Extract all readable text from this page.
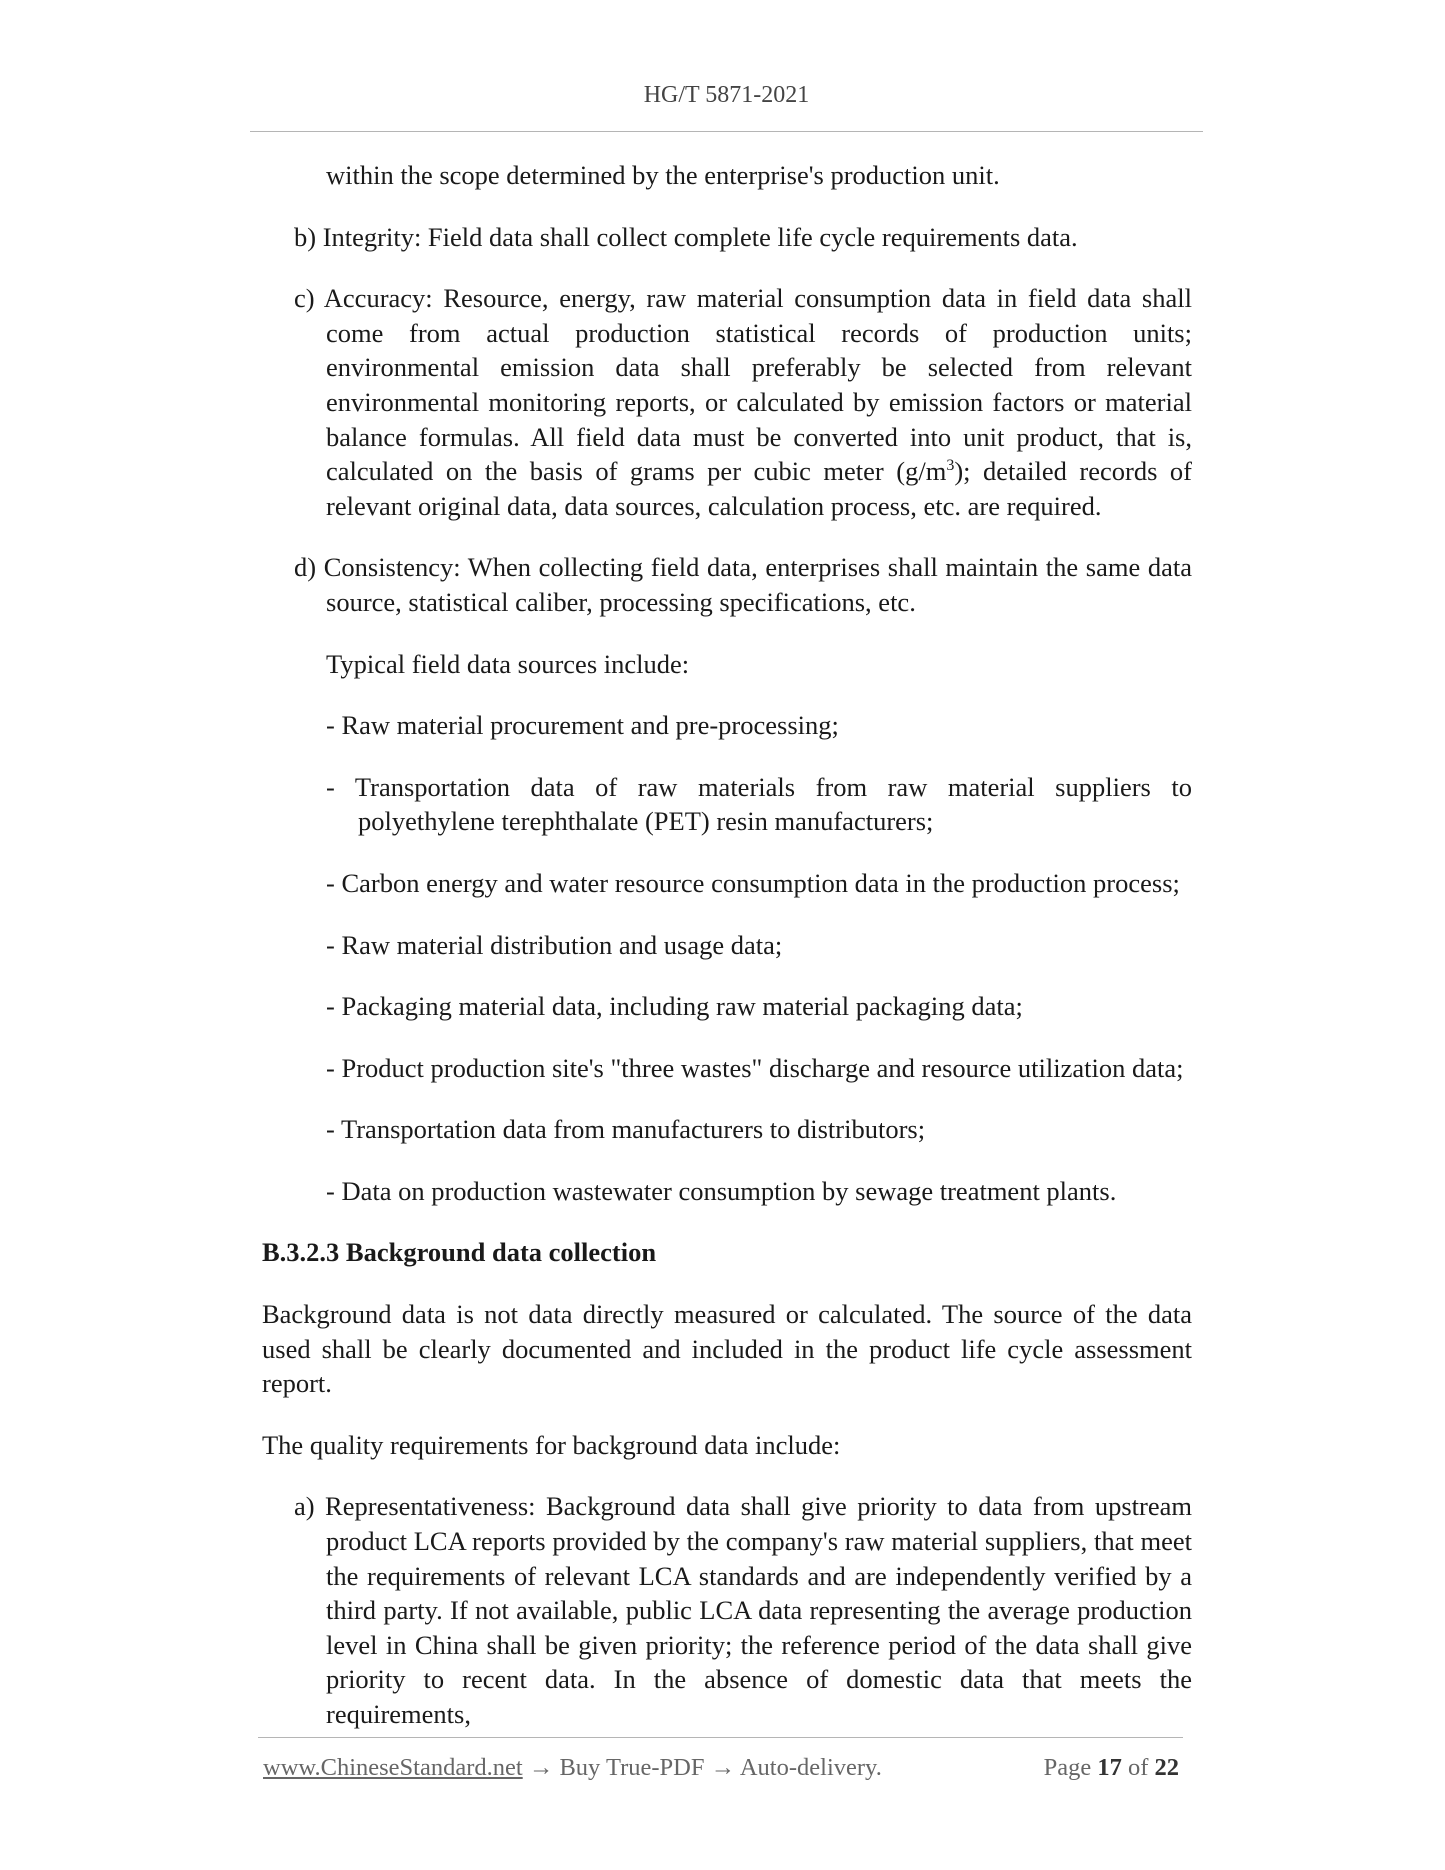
HG/T 5871-2021

within the scope determined by the enterprise's production unit.

b) Integrity: Field data shall collect complete life cycle requirements data.

c) Accuracy: Resource, energy, raw material consumption data in field data shall come from actual production statistical records of production units; environmental emission data shall preferably be selected from relevant environmental monitoring reports, or calculated by emission factors or material balance formulas. All field data must be converted into unit product, that is, calculated on the basis of grams per cubic meter $(g/m^3)$; detailed records of relevant original data, data sources, calculation process, etc. are required.

d) Consistency: When collecting field data, enterprises shall maintain the same data source, statistical caliber, processing specifications, etc.

Typical field data sources include:

- Raw material procurement and pre-processing;

- Transportation data of raw materials from raw material suppliers to polyethylene terephthalate (PET) resin manufacturers;

- Carbon energy and water resource consumption data in the production process;

- Raw material distribution and usage data;

- Packaging material data, including raw material packaging data;

- Product production site's "three wastes" discharge and resource utilization data;

- Transportation data from manufacturers to distributors;

- Data on production wastewater consumption by sewage treatment plants.

B.3.2.3 Background data collection

Background data is not data directly measured or calculated. The source of the data used shall be clearly documented and included in the product life cycle assessment report.

The quality requirements for background data include:

a) Representativeness: Background data shall give priority to data from upstream product LCA reports provided by the company's raw material suppliers, that meet the requirements of relevant LCA standards and are independently verified by a third party. If not available, public LCA data representing the average production level in China shall be given priority; the reference period of the data shall give priority to recent data. In the absence of domestic data that meets the requirements,

www.ChineseStandard.net → Buy True-PDF → Auto-delivery.	Page 17 of 22
